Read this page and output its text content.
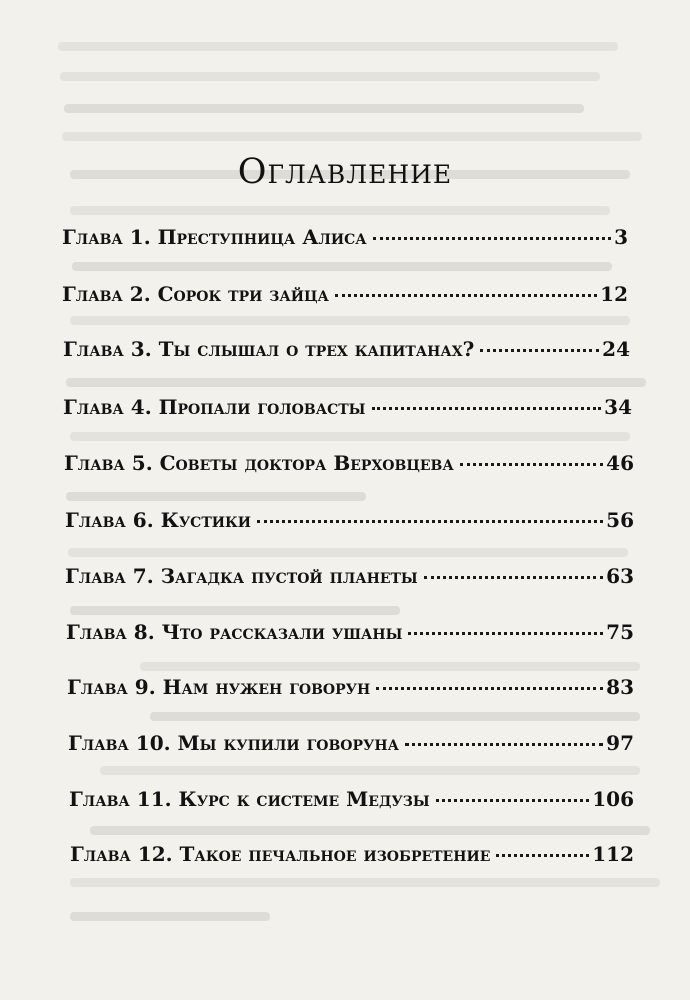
Оглавление
Глава 1. Преступница Алиса	3
Глава 2. Сорок три зайца	12
Глава 3. Ты слышал о трех капитанах?	24
Глава 4. Пропали головасты	34
Глава 5. Советы доктора Верховцева	46
Глава 6. Кустики	56
Глава 7. Загадка пустой планеты	63
Глава 8. Что рассказали ушаны	75
Глава 9. Нам нужен говорун	83
Глава 10. Мы купили говоруна	97
Глава 11. Курс к системе Медузы	106
Глава 12. Такое печальное изобретение	112
